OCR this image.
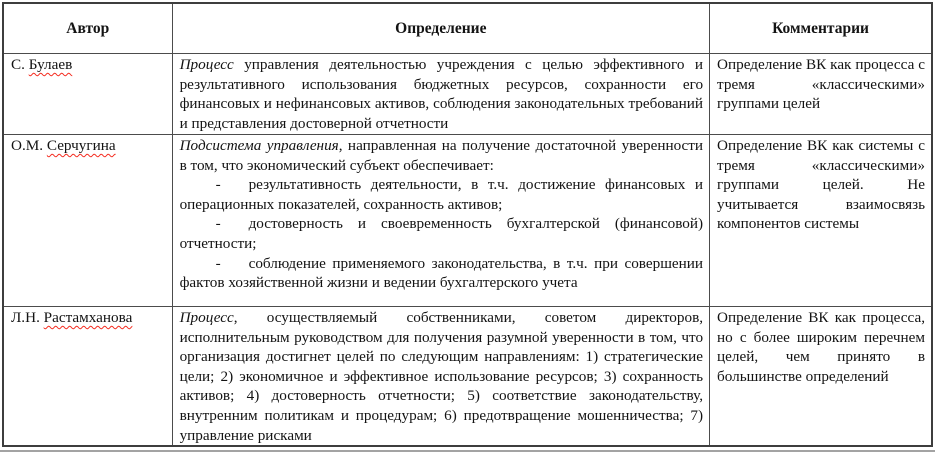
Автор	Определение	Комментарии

С. Булаев	Процесс управления деятельностью учреждения с целью эффективного и результативного использования бюджетных ресурсов, сохранности его финансовых и нефинансовых активов, соблюдения законодательных требований и представления достоверной отчетности	Определение ВК как процесса с тремя «классическими» группами целей

О.М. Серчугина	Подсистема управления, направленная на получение достаточной уверенности в том, что экономический субъект обеспечивает:

- результативность деятельности, в т.ч. достижение финансовых и операционных показателей, сохранность активов;

- достоверность и своевременность бухгалтерской (финансовой) отчетности;

- соблюдение применяемого законодательства, в т.ч. при совершении фактов хозяйственной жизни и ведении бухгалтерского учета	Определение ВК как системы с тремя «классическими» группами целей. Не учитывается взаимосвязь компонентов системы

Л.Н. Растамханова	Процесс, осуществляемый собственниками, советом директоров, исполнительным руководством для получения разумной уверенности в том, что организация достигнет целей по следующим направлениям: 1) стратегические цели; 2) экономичное и эффективное использование ресурсов; 3) сохранность активов; 4) достоверность отчетности; 5) соответствие законодательству, внутренним политикам и процедурам; 6) предотвращение мошенничества; 7) управление рисками	Определение ВК как процесса, но с более широким перечнем целей, чем принято в большинстве определений
